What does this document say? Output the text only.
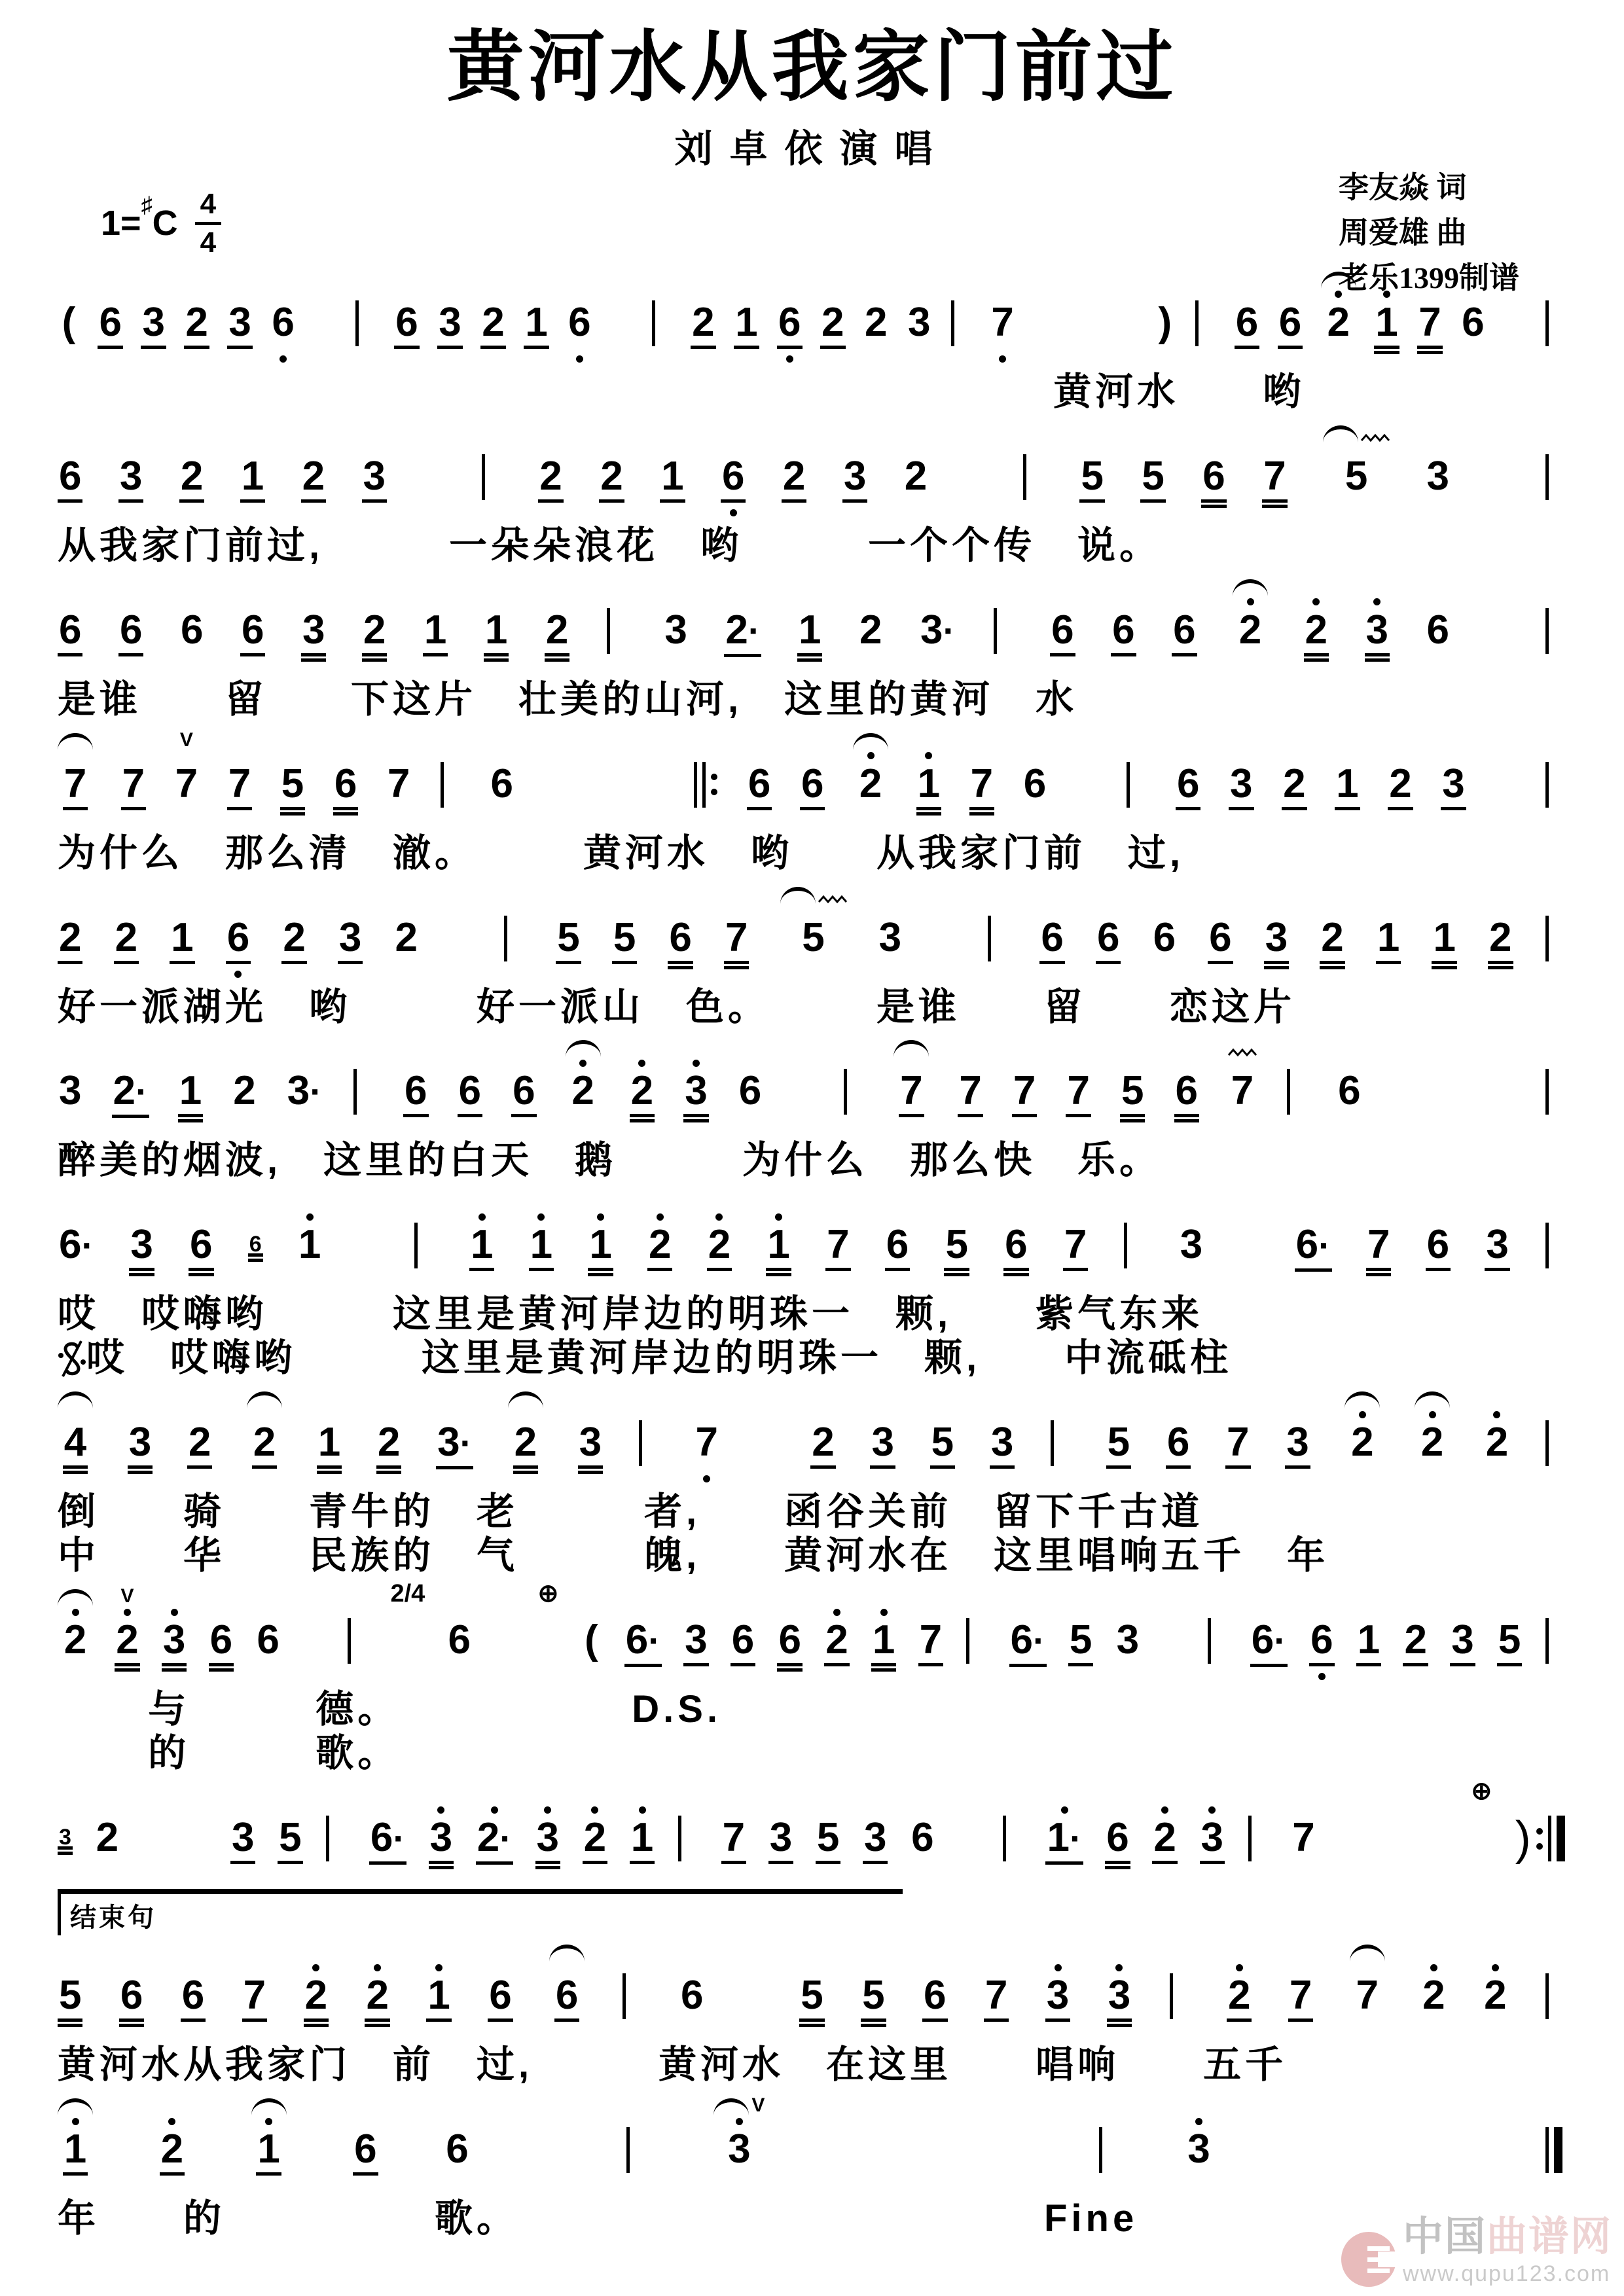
黄河水从我家门前过
刘卓依演唱
李友焱 词
周爱雄 曲
老乐1399制谱
$1=^♯C \frac{4}{4}$
( 6 3 2 3 6 6 3 2 1 6 2 1 6 2 2 3 7	) 6 6 2 1 7 6
黄河水　　哟
6 3 2 1 2 3	2 2 1 6 2 3 2	5 5 6 7 5 3
从我家门前过,　　　一朵朵浪花　哟　　　一个个传　说。
6 6 6 6 3 2 1 1 2 3 2· 1 2 3· 6 6 6 2 2 3 6
是谁　　留　　下这片　壮美的山河,　这里的黄河　水
7 7
V
7 7 5 6 7 6	6 6 2 1 7 6	6 3 2 1 2 3
为什么　那么清　澈。　　　黄河水　哟　　从我家门前　过,
2 2 1 6 2 3 2	5 5 6 7 5 3	6 6 6 6 3 2 1 1 2
好一派湖光　哟　　　好一派山　色。　　　是谁　　留　　恋这片
3 2· 1 2 3· 6 6 6 2 2 3 6	7 7 7 7 5 6 7 6
醉美的烟波,　这里的白天　鹅　　　为什么　那么快　乐。
6· 3 6 6 1	1 1 1 2 2 1 7 6 5 6 7 3 6· 7 6 3
哎　哎嗨哟　　　这里是黄河岸边的明珠一　颗,　　紫气东来
哎　哎嗨哟　　　这里是黄河岸边的明珠一　颗,　　中流砥柱
4 3 2 2 1 2 3· 2 3 7 2 3 5 3 5 6 7 3 2 2 2
倒　　骑　　青牛的　老　　　者,　　函谷关前　留下千古道
中　　华　　民族的　气　　　魄,　　黄河水在　这里唱响五千　年
2
V
2 3 6 6
2/4
6
⊕
( 6· 3 6 6 2 1 7 6· 5 3	6· 6 1 2 3 5
与　　　德。　　　　　　D.S.
的　　　歌。
3 2	3 5 6· 3 2· 3 2 1 7 3 5 3 6	1· 6 2 3 7
⊕
)
结束句
5 6 6 7 2 2 1 6 6	6 5 5 6 7 3 3 2 7 7 2 2
黄河水从我家门　前　过,　　　黄河水　在这里　　唱响　　五千
1 2 1 6 6
V
3	3
年　　的　　　　　歌。　　　　　　　　　　　　　Fine	中国曲谱网
www.qupu123.com
